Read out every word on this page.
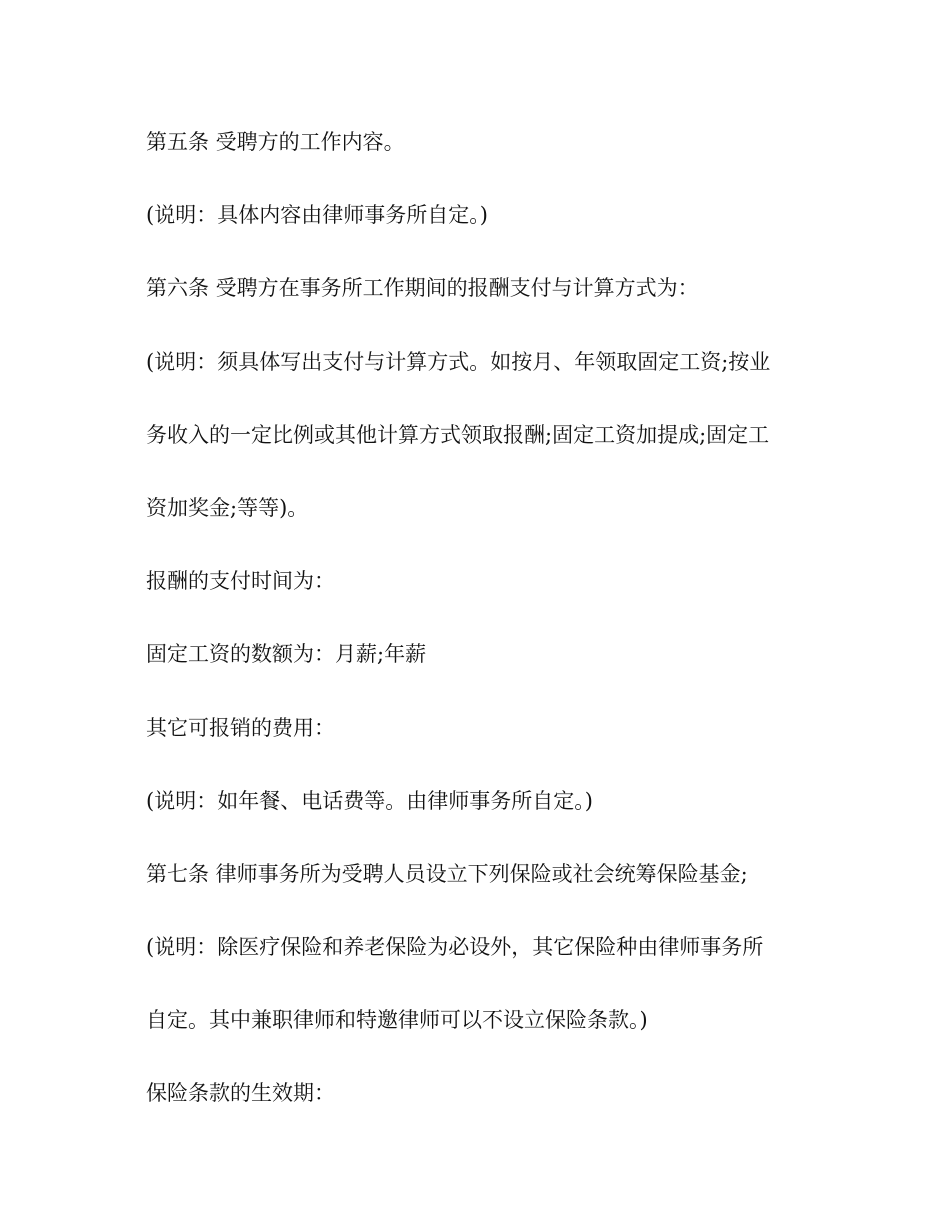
第五条 受聘方的工作内容。

(说明：具体内容由律师事务所自定。)

第六条 受聘方在事务所工作期间的报酬支付与计算方式为：

(说明：须具体写出支付与计算方式。如按月、年领取固定工资;按业

务收入的一定比例或其他计算方式领取报酬;固定工资加提成;固定工

资加奖金;等等)。

报酬的支付时间为：

固定工资的数额为：月薪;年薪

其它可报销的费用：

(说明：如年餐、电话费等。由律师事务所自定。)

第七条 律师事务所为受聘人员设立下列保险或社会统筹保险基金;

(说明：除医疗保险和养老保险为必设外，其它保险种由律师事务所

自定。其中兼职律师和特邀律师可以不设立保险条款。)

保险条款的生效期：
